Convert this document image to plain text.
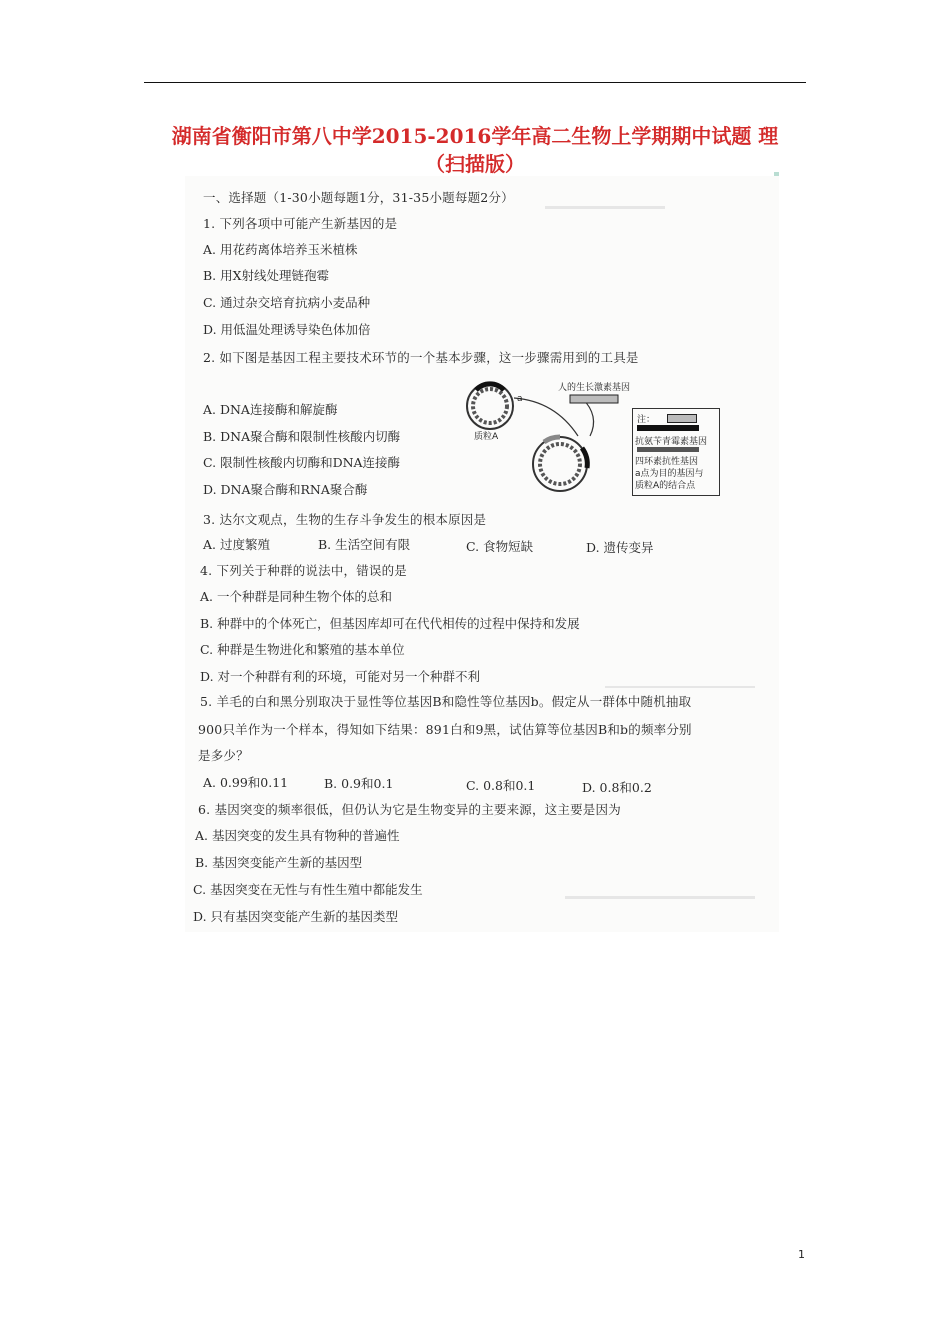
湖南省衡阳市第八中学2015-2016学年高二生物上学期期中试题 理
（扫描版）
一、选择题（1-30小题每题1分，31-35小题每题2分）
1. 下列各项中可能产生新基因的是
A. 用花药离体培养玉米植株
B. 用X射线处理链孢霉
C. 通过杂交培育抗病小麦品种
D. 用低温处理诱导染色体加倍
2. 如下图是基因工程主要技术环节的一个基本步骤，这一步骤需用到的工具是
A. DNA连接酶和解旋酶
B. DNA聚合酶和限制性核酸内切酶
C. 限制性核酸内切酶和DNA连接酶
D. DNA聚合酶和RNA聚合酶
人的生长激素基因
质粒A
a
注：
抗氨苄青霉素基因
四环素抗性基因
a点为目的基因与
质粒A的结合点
3. 达尔文观点，生物的生存斗争发生的根本原因是
A. 过度繁殖	B. 生活空间有限	C. 食物短缺	D. 遗传变异
4. 下列关于种群的说法中，错误的是
A. 一个种群是同种生物个体的总和
B. 种群中的个体死亡，但基因库却可在代代相传的过程中保持和发展
C. 种群是生物进化和繁殖的基本单位
D. 对一个种群有利的环境，可能对另一个种群不利
5. 羊毛的白和黑分别取决于显性等位基因B和隐性等位基因b。假定从一群体中随机抽取
900只羊作为一个样本，得知如下结果：891白和9黑，试估算等位基因B和b的频率分别
是多少？
A. 0.99和0.11	B. 0.9和0.1	C. 0.8和0.1	D. 0.8和0.2
6. 基因突变的频率很低，但仍认为它是生物变异的主要来源，这主要是因为
A. 基因突变的发生具有物种的普遍性
B. 基因突变能产生新的基因型
C. 基因突变在无性与有性生殖中都能发生
D. 只有基因突变能产生新的基因类型
1
